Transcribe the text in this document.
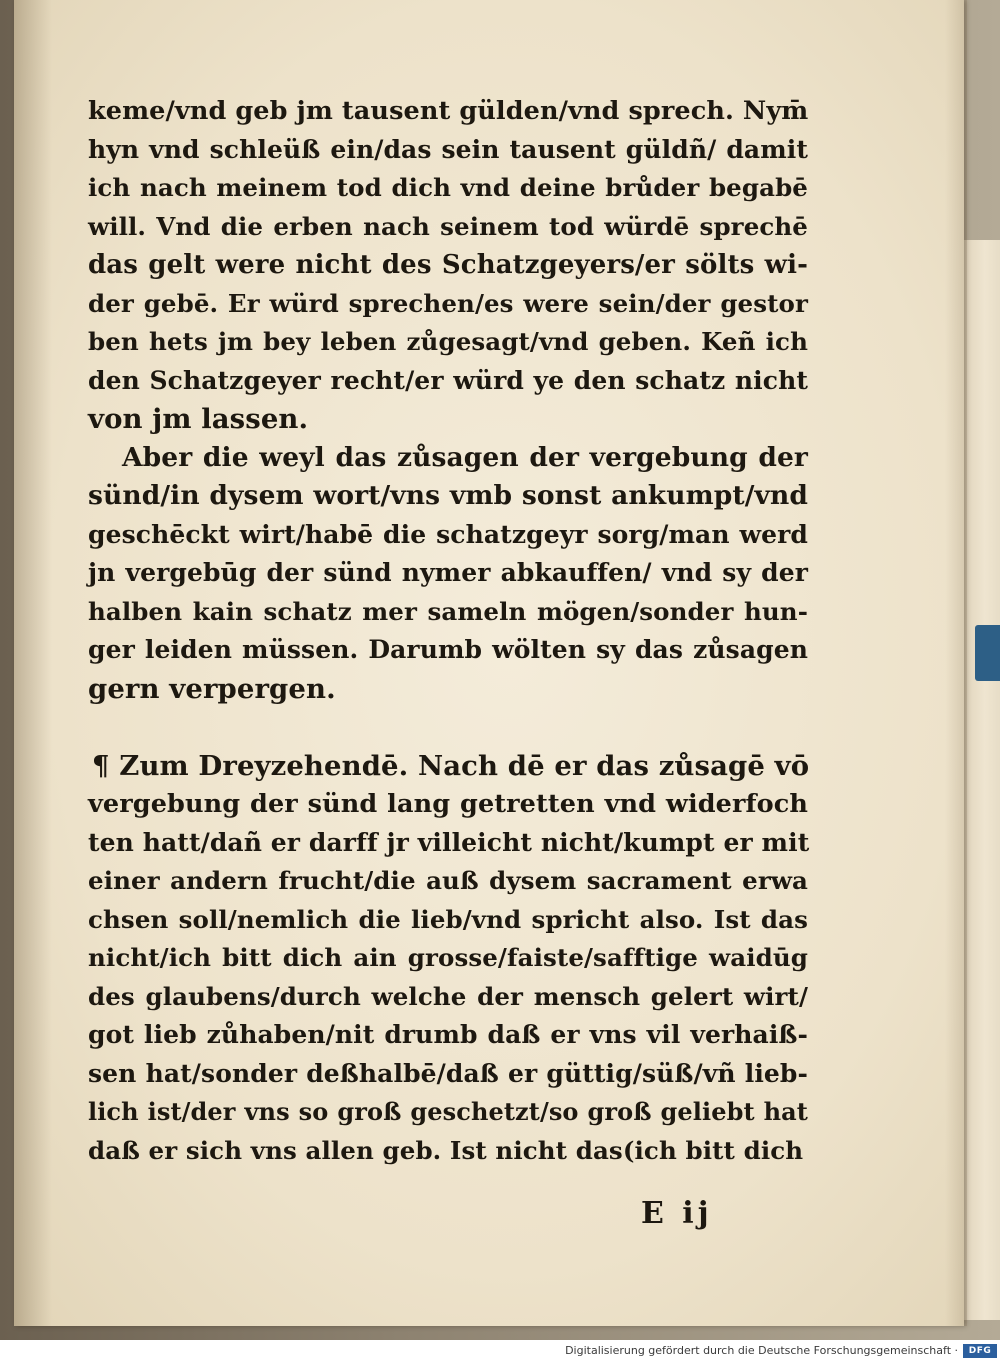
keme/vnd geb jm tausent gülden/vnd sprech. Nym̄
hyn vnd schleüß ein/das sein tausent güldñ/ damit
ich nach meinem tod dich vnd deine brůder begabē
will. Vnd die erben nach seinem tod würdē sprechē
das gelt were nicht des Schatzgeyers/er sölts wi-
der gebē. Er würd sprechen/es were sein/der gestor
ben hets jm bey leben zůgesagt/vnd geben. Keñ ich
den Schatzgeyer recht/er würd ye den schatz nicht
von jm lassen.
Aber die weyl das zůsagen der vergebung der
sünd/in dysem wort/vns vmb sonst ankumpt/vnd
geschēckt wirt/habē die schatzgeyr sorg/man werd
jn vergebūg der sünd nymer abkauffen/ vnd sy der
halben kain schatz mer sameln mögen/sonder hun-
ger leiden müssen. Darumb wölten sy das zůsagen
gern verpergen.
¶ Zum Dreyzehendē. Nach dē er das zůsagē vō
vergebung der sünd lang getretten vnd widerfoch
ten hatt/dañ er darff jr villeicht nicht/kumpt er mit
einer andern frucht/die auß dysem sacrament erwa
chsen soll/nemlich die lieb/vnd spricht also. Ist das
nicht/ich bitt dich ain grosse/faiste/safftige waidūg
des glaubens/durch welche der mensch gelert wirt/
got lieb zůhaben/nit drumb daß er vns vil verhaiß-
sen hat/sonder deßhalbē/daß er güttig/süß/vñ lieb-
lich ist/der vns so groß geschetzt/so groß geliebt hat
daß er sich vns allen geb. Ist nicht das(ich bitt dich
E ij
Digitalisierung gefördert durch die Deutsche Forschungsgemeinschaft ·	DFG
